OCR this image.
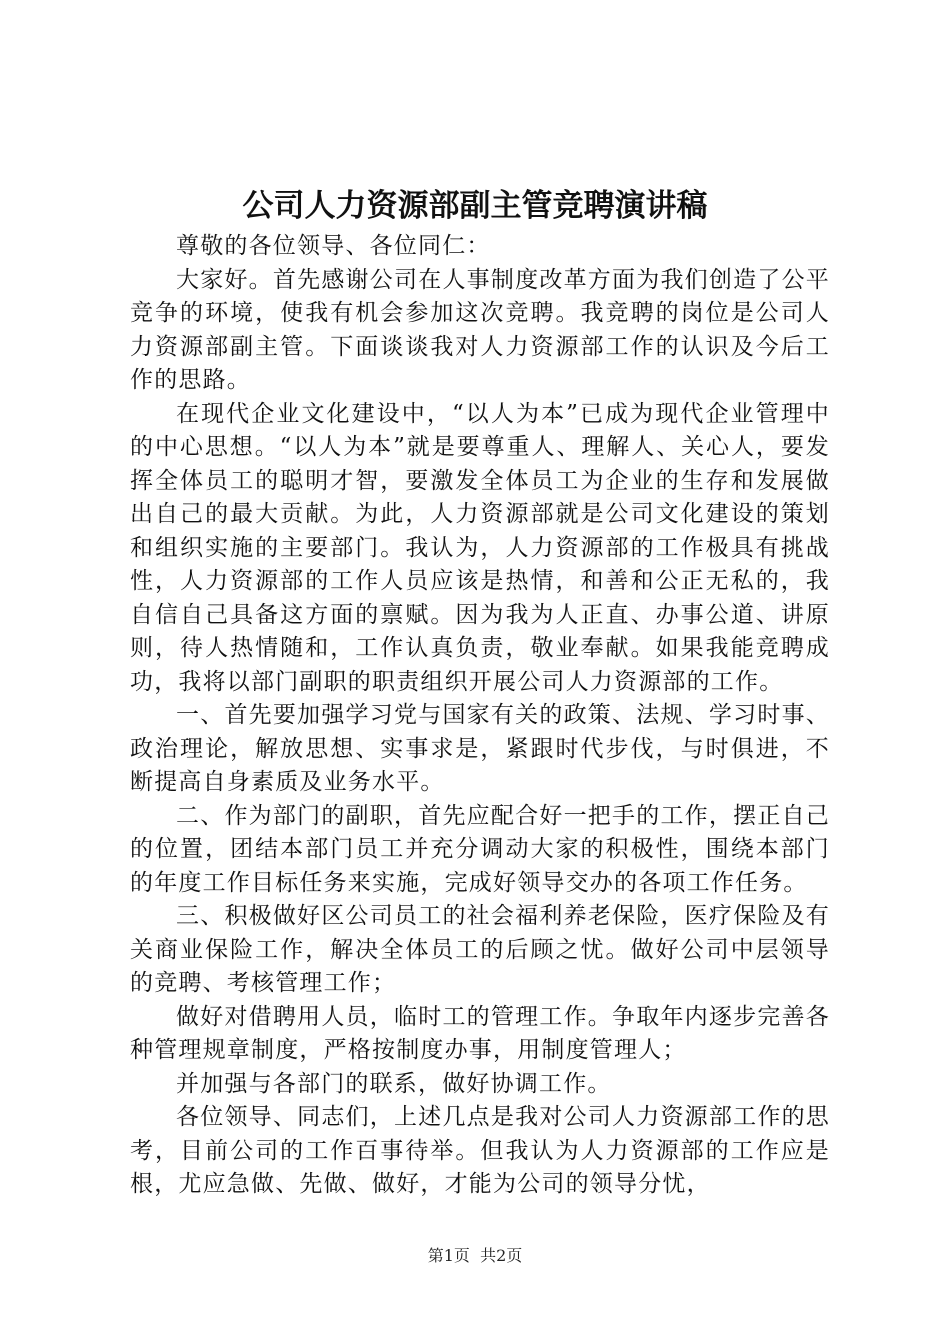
公司人力资源部副主管竞聘演讲稿

尊敬的各位领导、各位同仁：

大家好。首先感谢公司在人事制度改革方面为我们创造了公平竞争的环境，使我有机会参加这次竞聘。我竞聘的岗位是公司人力资源部副主管。下面谈谈我对人力资源部工作的认识及今后工作的思路。

在现代企业文化建设中，“以人为本”已成为现代企业管理中的中心思想。“以人为本”就是要尊重人、理解人、关心人，要发挥全体员工的聪明才智，要激发全体员工为企业的生存和发展做出自己的最大贡献。为此，人力资源部就是公司文化建设的策划和组织实施的主要部门。我认为，人力资源部的工作极具有挑战性，人力资源部的工作人员应该是热情，和善和公正无私的，我自信自己具备这方面的禀赋。因为我为人正直、办事公道、讲原则，待人热情随和，工作认真负责，敬业奉献。如果我能竞聘成功，我将以部门副职的职责组织开展公司人力资源部的工作。

一、首先要加强学习党与国家有关的政策、法规、学习时事、政治理论，解放思想、实事求是，紧跟时代步伐，与时俱进，不断提高自身素质及业务水平。

二、作为部门的副职，首先应配合好一把手的工作，摆正自己的位置，团结本部门员工并充分调动大家的积极性，围绕本部门的年度工作目标任务来实施，完成好领导交办的各项工作任务。

三、积极做好区公司员工的社会福利养老保险，医疗保险及有关商业保险工作，解决全体员工的后顾之忧。做好公司中层领导的竞聘、考核管理工作；

做好对借聘用人员，临时工的管理工作。争取年内逐步完善各种管理规章制度，严格按制度办事，用制度管理人；

并加强与各部门的联系，做好协调工作。

各位领导、同志们，上述几点是我对公司人力资源部工作的思考，目前公司的工作百事待举。但我认为人力资源部的工作应是根，尤应急做、先做、做好，才能为公司的领导分忧，

第1页  共2页
